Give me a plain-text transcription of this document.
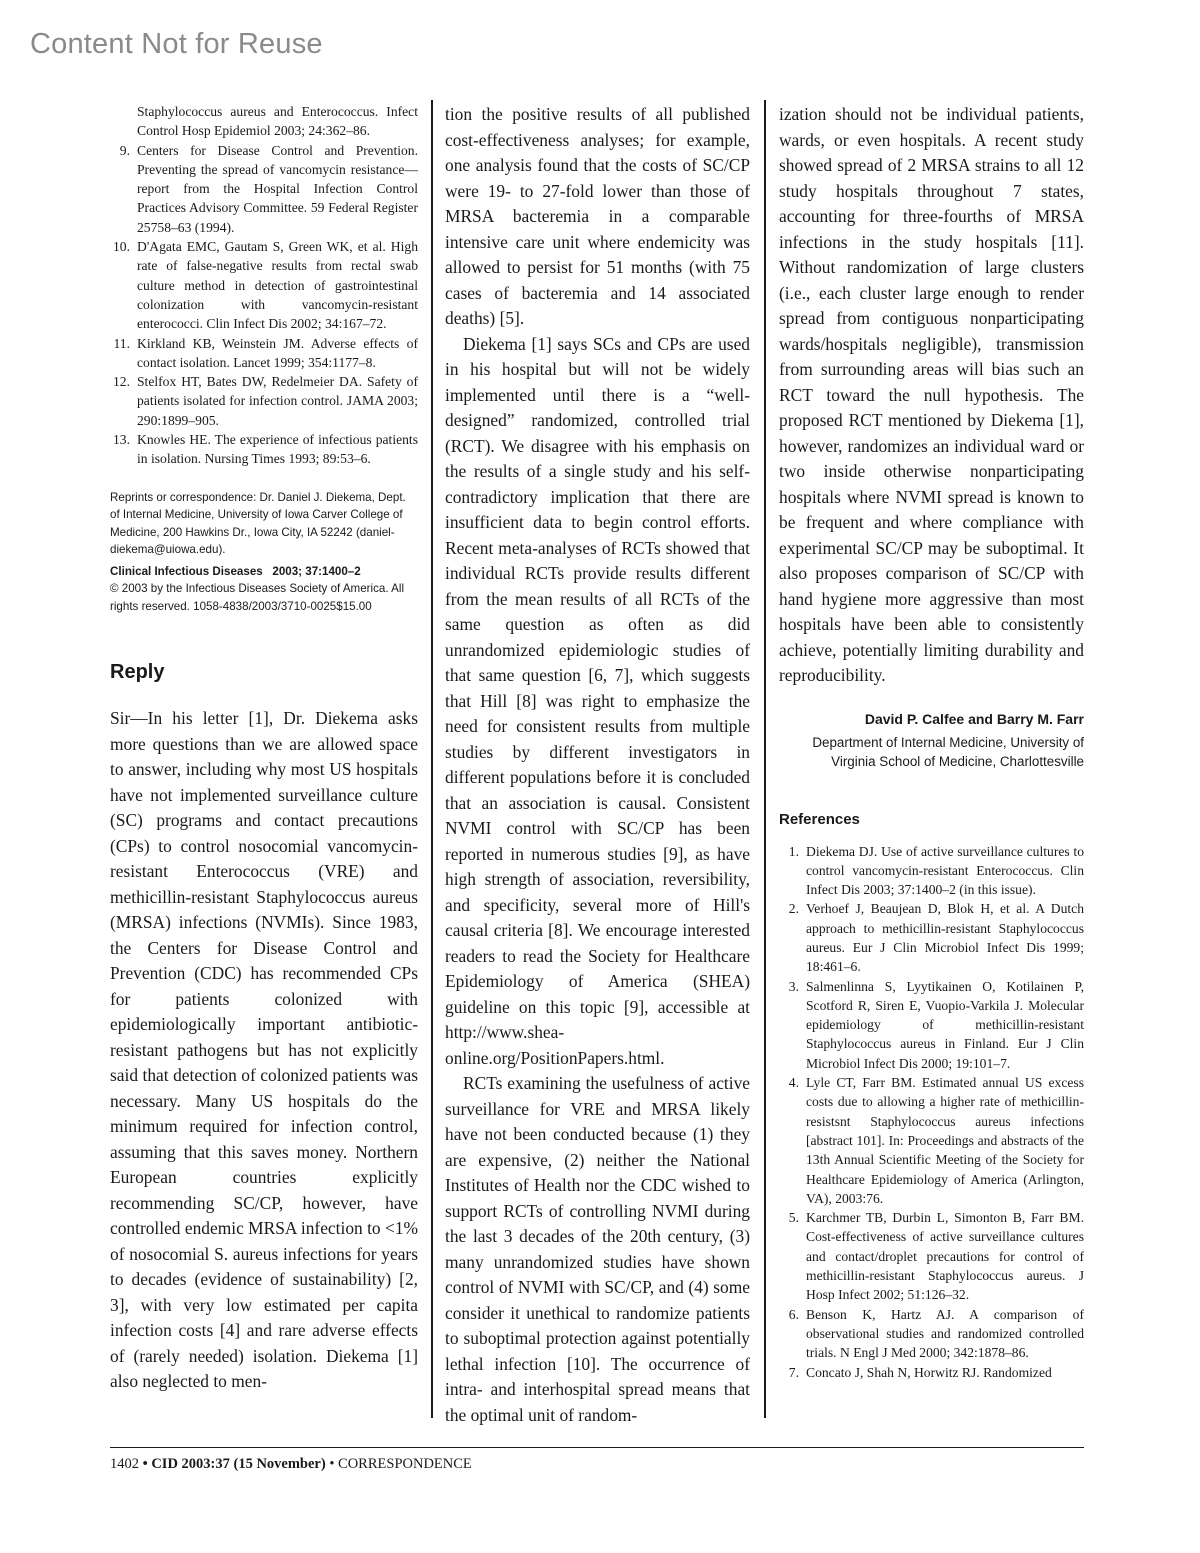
Content Not for Reuse
Staphylococcus aureus and Enterococcus. Infect Control Hosp Epidemiol 2003; 24:362–86.
9. Centers for Disease Control and Prevention. Preventing the spread of vancomycin resistance—report from the Hospital Infection Control Practices Advisory Committee. 59 Federal Register 25758–63 (1994).
10. D'Agata EMC, Gautam S, Green WK, et al. High rate of false-negative results from rectal swab culture method in detection of gastrointestinal colonization with vancomycin-resistant enterococci. Clin Infect Dis 2002; 34:167–72.
11. Kirkland KB, Weinstein JM. Adverse effects of contact isolation. Lancet 1999; 354:1177–8.
12. Stelfox HT, Bates DW, Redelmeier DA. Safety of patients isolated for infection control. JAMA 2003; 290:1899–905.
13. Knowles HE. The experience of infectious patients in isolation. Nursing Times 1993; 89:53–6.
Reprints or correspondence: Dr. Daniel J. Diekema, Dept. of Internal Medicine, University of Iowa Carver College of Medicine, 200 Hawkins Dr., Iowa City, IA 52242 (daniel-diekema@uiowa.edu).
Clinical Infectious Diseases 2003; 37:1400–2
© 2003 by the Infectious Diseases Society of America. All rights reserved. 1058-4838/2003/3710-0025$15.00
Reply

Sir—In his letter [1], Dr. Diekema asks more questions than we are allowed space to answer, including why most US hospitals have not implemented surveillance culture (SC) programs and contact precautions (CPs) to control nosocomial vancomycin-resistant Enterococcus (VRE) and methicillin-resistant Staphylococcus aureus (MRSA) infections (NVMIs). Since 1983, the Centers for Disease Control and Prevention (CDC) has recommended CPs for patients colonized with epidemiologically important antibiotic-resistant pathogens but has not explicitly said that detection of colonized patients was necessary. Many US hospitals do the minimum required for infection control, assuming that this saves money. Northern European countries explicitly recommending SC/CP, however, have controlled endemic MRSA infection to <1% of nosocomial S. aureus infections for years to decades (evidence of sustainability) [2, 3], with very low estimated per capita infection costs [4] and rare adverse effects of (rarely needed) isolation. Diekema [1] also neglected to men-

tion the positive results of all published cost-effectiveness analyses; for example, one analysis found that the costs of SC/CP were 19- to 27-fold lower than those of MRSA bacteremia in a comparable intensive care unit where endemicity was allowed to persist for 51 months (with 75 cases of bacteremia and 14 associated deaths) [5].

Diekema [1] says SCs and CPs are used in his hospital but will not be widely implemented until there is a “well-designed” randomized, controlled trial (RCT). We disagree with his emphasis on the results of a single study and his self-contradictory implication that there are insufficient data to begin control efforts. Recent meta-analyses of RCTs showed that individual RCTs provide results different from the mean results of all RCTs of the same question as often as did unrandomized epidemiologic studies of that same question [6, 7], which suggests that Hill [8] was right to emphasize the need for consistent results from multiple studies by different investigators in different populations before it is concluded that an association is causal. Consistent NVMI control with SC/CP has been reported in numerous studies [9], as have high strength of association, reversibility, and specificity, several more of Hill's causal criteria [8]. We encourage interested readers to read the Society for Healthcare Epidemiology of America (SHEA) guideline on this topic [9], accessible at http://www.shea-online.org/PositionPapers.html.

RCTs examining the usefulness of active surveillance for VRE and MRSA likely have not been conducted because (1) they are expensive, (2) neither the National Institutes of Health nor the CDC wished to support RCTs of controlling NVMI during the last 3 decades of the 20th century, (3) many unrandomized studies have shown control of NVMI with SC/CP, and (4) some consider it unethical to randomize patients to suboptimal protection against potentially lethal infection [10]. The occurrence of intra- and interhospital spread means that the optimal unit of random-

ization should not be individual patients, wards, or even hospitals. A recent study showed spread of 2 MRSA strains to all 12 study hospitals throughout 7 states, accounting for three-fourths of MRSA infections in the study hospitals [11]. Without randomization of large clusters (i.e., each cluster large enough to render spread from contiguous nonparticipating wards/hospitals negligible), transmission from surrounding areas will bias such an RCT toward the null hypothesis. The proposed RCT mentioned by Diekema [1], however, randomizes an individual ward or two inside otherwise nonparticipating hospitals where NVMI spread is known to be frequent and where compliance with experimental SC/CP may be suboptimal. It also proposes comparison of SC/CP with hand hygiene more aggressive than most hospitals have been able to consistently achieve, potentially limiting durability and reproducibility.

David P. Calfee and Barry M. Farr
Department of Internal Medicine, University of Virginia School of Medicine, Charlottesville
References
1. Diekema DJ. Use of active surveillance cultures to control vancomycin-resistant Enterococcus. Clin Infect Dis 2003; 37:1400–2 (in this issue).
2. Verhoef J, Beaujean D, Blok H, et al. A Dutch approach to methicillin-resistant Staphylococcus aureus. Eur J Clin Microbiol Infect Dis 1999; 18:461–6.
3. Salmenlinna S, Lyytikainen O, Kotilainen P, Scotford R, Siren E, Vuopio-Varkila J. Molecular epidemiology of methicillin-resistant Staphylococcus aureus in Finland. Eur J Clin Microbiol Infect Dis 2000; 19:101–7.
4. Lyle CT, Farr BM. Estimated annual US excess costs due to allowing a higher rate of methicillin-resistsnt Staphylococcus aureus infections [abstract 101]. In: Proceedings and abstracts of the 13th Annual Scientific Meeting of the Society for Healthcare Epidemiology of America (Arlington, VA), 2003:76.
5. Karchmer TB, Durbin L, Simonton B, Farr BM. Cost-effectiveness of active surveillance cultures and contact/droplet precautions for control of methicillin-resistant Staphylococcus aureus. J Hosp Infect 2002; 51:126–32.
6. Benson K, Hartz AJ. A comparison of observational studies and randomized controlled trials. N Engl J Med 2000; 342:1878–86.
7. Concato J, Shah N, Horwitz RJ. Randomized
1402 • CID 2003:37 (15 November) • CORRESPONDENCE
